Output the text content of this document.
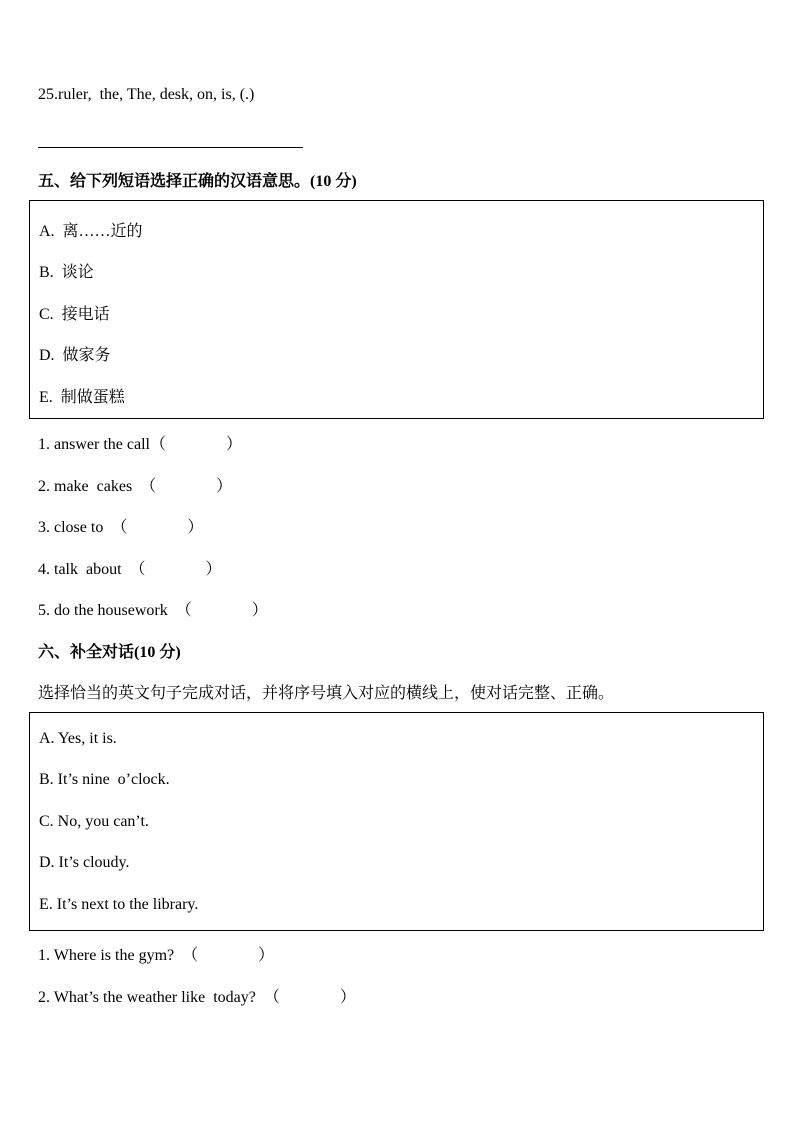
25.ruler,  the, The, desk, on, is, (.)
五、给下列短语选择正确的汉语意思。(10 分)
A.  离……近的
B.  谈论
C.  接电话
D.  做家务
E.  制做蛋糕
1. answer the call（               ）
2. make  cakes  （               ）
3. close to  （               ）
4. talk  about  （               ）
5. do the housework  （               ）
六、补全对话(10 分)
选择恰当的英文句子完成对话，并将序号填入对应的横线上，使对话完整、正确。
A. Yes, it is.
B. It’s nine  o’clock.
C. No, you can’t.
D. It’s cloudy.
E. It’s next to the library.
1. Where is the gym?  （               ）
2. What’s the weather like  today?  （               ）
